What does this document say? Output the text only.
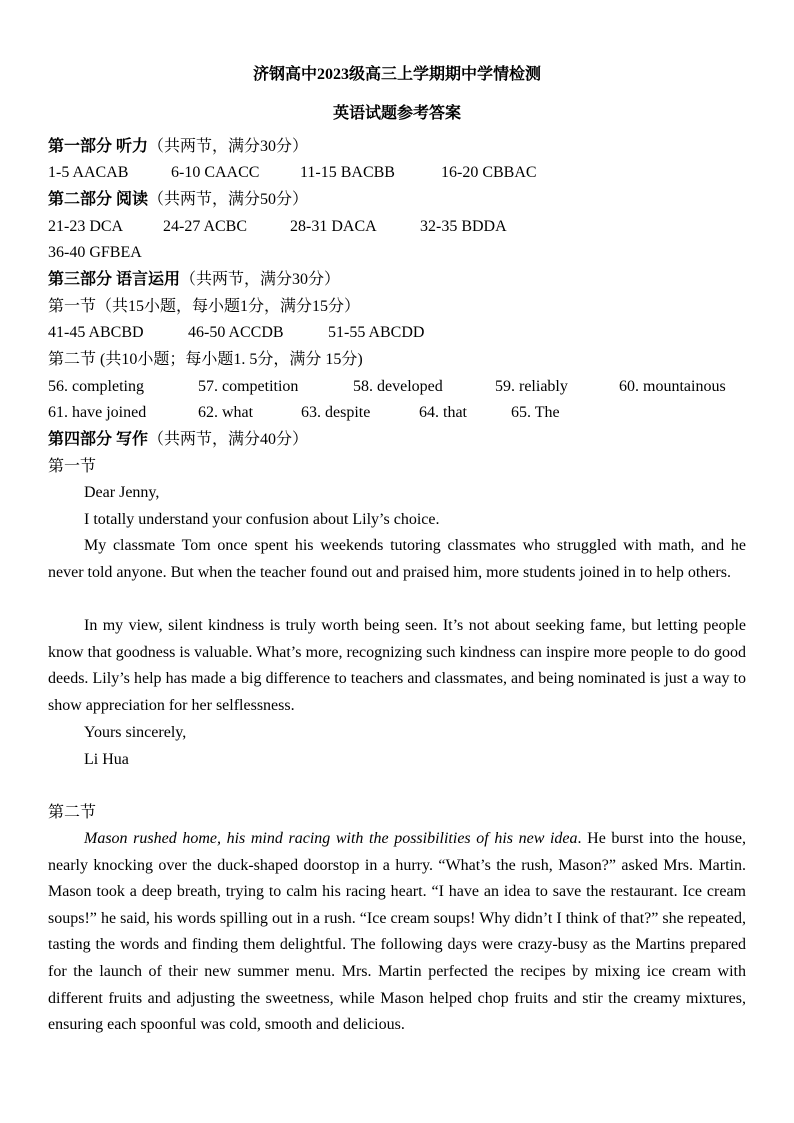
济钢高中2023级高三上学期期中学情检测
英语试题参考答案
第一部分 听力（共两节，满分30分）
1-5 AACAB	6-10 CAACC	11-15 BACBB	16-20 CBBAC
第二部分 阅读（共两节，满分50分）
21-23 DCA 24-27 ACBC	28-31 DACA	32-35 BDDA
36-40 GFBEA
第三部分 语言运用（共两节，满分30分）
第一节（共15小题，每小题1分，满分15分）
41-45 ABCBD	46-50 ACCDB	51-55 ABCDD
第二节 (共10小题；每小题1. 5分，满分 15分)
56. completing	57. competition	58. developed	59. reliably	60. mountainous
61. have joined	62. what	63. despite	64. that	65. The
第四部分 写作（共两节，满分40分）
第一节
Dear Jenny,
I totally understand your confusion about Lily’s choice.
My classmate Tom once spent his weekends tutoring classmates who struggled with math, and he never told anyone. But when the teacher found out and praised him, more students joined in to help others.
In my view, silent kindness is truly worth being seen. It’s not about seeking fame, but letting people know that goodness is valuable. What’s more, recognizing such kindness can inspire more people to do good deeds. Lily’s help has made a big difference to teachers and classmates, and being nominated is just a way to show appreciation for her selflessness.
Yours sincerely,
Li Hua
第二节
Mason rushed home, his mind racing with the possibilities of his new idea. He burst into the house, nearly knocking over the duck-shaped doorstop in a hurry. “What’s the rush, Mason?” asked Mrs. Martin. Mason took a deep breath, trying to calm his racing heart. “I have an idea to save the restaurant. Ice cream soups!” he said, his words spilling out in a rush. “Ice cream soups! Why didn’t I think of that?” she repeated, tasting the words and finding them delightful. The following days were crazy-busy as the Martins prepared for the launch of their new summer menu. Mrs. Martin perfected the recipes by mixing ice cream with different fruits and adjusting the sweetness, while Mason helped chop fruits and stir the creamy mixtures, ensuring each spoonful was cold, smooth and delicious.
